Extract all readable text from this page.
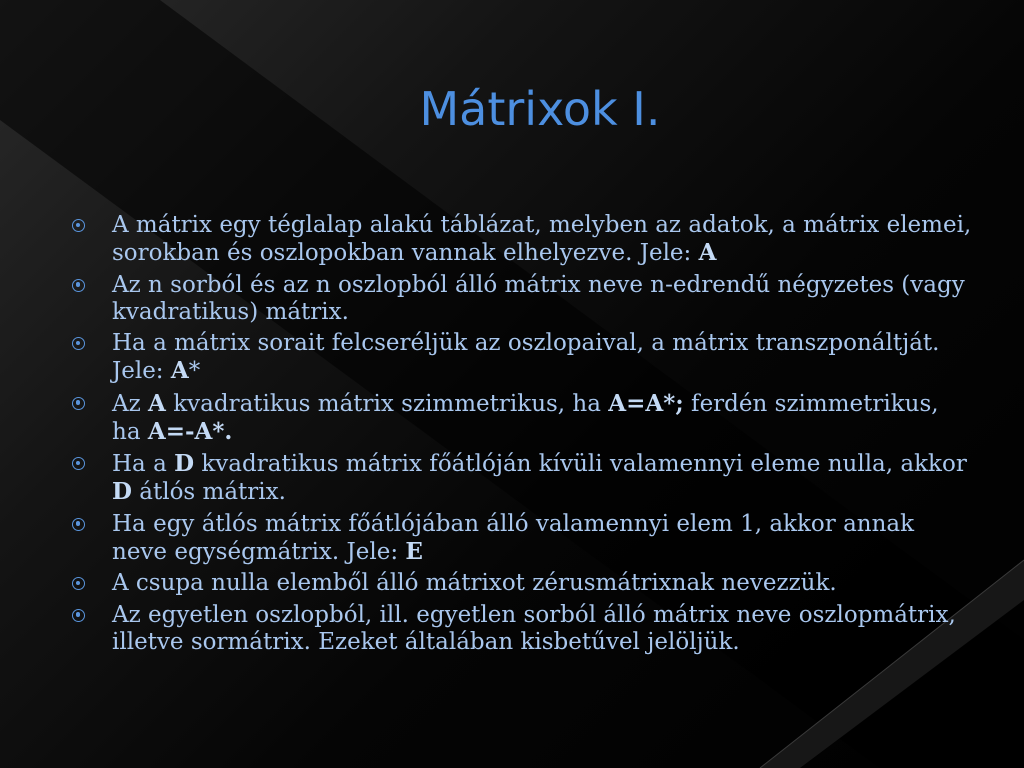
Mátrixok I.
A mátrix egy téglalap alakú táblázat, melyben az adatok, a mátrix elemei, sorokban és oszlopokban vannak elhelyezve. Jele: A
Az n sorból és az n oszlopból álló mátrix neve n-edrendű négyzetes (vagy kvadratikus) mátrix.
Ha a mátrix sorait felcseréljük az oszlopaival, a mátrix transzponáltját. Jele: A*
Az A kvadratikus mátrix szimmetrikus, ha A=A*; ferdén szimmetrikus, ha A=-A*.
Ha a D kvadratikus mátrix főátlóján kívüli valamennyi eleme nulla, akkor D átlós mátrix.
Ha egy átlós mátrix főátlójában álló valamennyi elem 1, akkor annak neve egységmátrix. Jele: E
A csupa nulla elemből álló mátrixot zérusmátrixnak nevezzük.
Az egyetlen oszlopból, ill. egyetlen sorból álló mátrix neve oszlopmátrix, illetve sormátrix. Ezeket általában kisbetűvel jelöljük.
